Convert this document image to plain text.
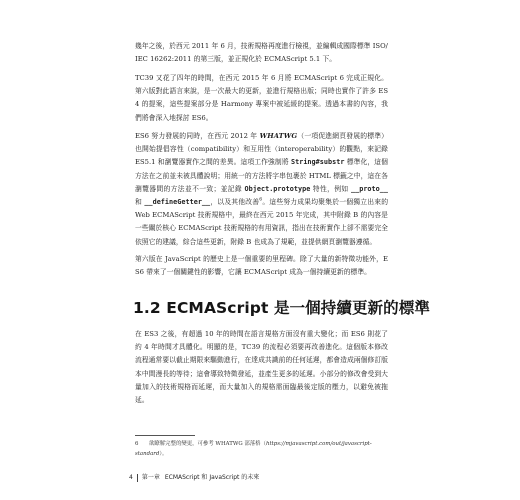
幾年之後，於西元 2011 年 6 月，技術規格再度進行檢視，並編輯成國際標準 ISO/IEC 16262:2011 的第三版，並正規化於 ECMAScript 5.1 下。

TC39 又花了四年的時間，在西元 2015 年 6 月將 ECMAScript 6 完成正規化。第六版對此語言來說，是一次最大的更新，並進行規格出版；同時也實作了許多 ES4 的提案，這些提案部分是 Harmony 專案中被延緩的提案。透過本書的內容，我們將會深入地探討 ES6。

ES6 努力發展的同時，在西元 2012 年 WHATWG（一項促進網頁發展的標準）也開始提倡容性（compatibility）和互用性（interoperability）的觀點，來記錄 ES5.1 和瀏覽器實作之間的差異。這項工作強制將 String#substr 標準化，這個方法在之前並未被具體說明；用統一的方法將字串包裹於 HTML 標籤之中，這在各瀏覽器間的方法並不一致；並記錄 Object.prototype 特性，例如 __proto__ 和 __defineGetter__，以及其他改善$^6$。這些努力成果均聚集於一個獨立出來的 Web ECMAScript 技術規格中，最終在西元 2015 年完成，其中附錄 B 的內容是一些關於核心 ECMAScript 技術規格的有用資訊，指出在技術實作上卻不需要完全依照它的建議，綜合這些更新，附錄 B 也成為了規範，並提供網頁瀏覽器遵循。

第六版在 JavaScript 的歷史上是一個重要的里程碑。除了大量的新特徵功能外，ES6 帶來了一個關鍵性的影響，它讓 ECMAScript 成為一個持續更新的標準。

1.2 ECMAScript 是一個持續更新的標準

在 ES3 之後，有超過 10 年的時間在語言規格方面沒有重大變化；而 ES6 則花了約 4 年時間才具體化。明顯的是，TC39 的流程必須要再改善進化。這個版本修改流程通常要以截止期限來驅動進行，在達成共識前的任何延遲，都會造成兩個修訂版本中間漫長的等待；這會導致特徵發延，並產生更多的延遲。小部分的修改會受到大量加入的技術規格而延遲，而大量加入的規格需面臨最後定版的壓力，以避免被拖延。

6 欲瞭解完整的變更，可參考 WHATWG 部落格（https://mjavascript.com/out/javascript-standard）。

4 第一章 ECMAScript 和 JavaScript 的未來
